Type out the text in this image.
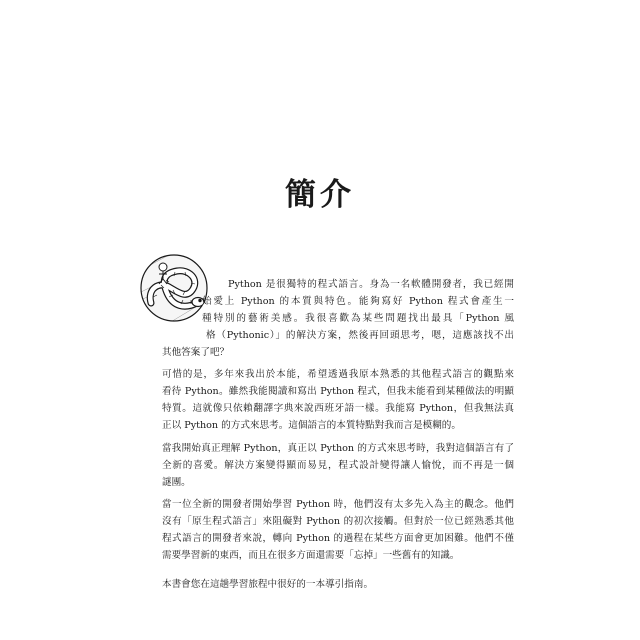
簡介
Python 是很獨特的程式語言。身為一名軟體開發者，我已經開
始愛上 Python 的本質與特色。能夠寫好 Python 程式會產生一
種特別的藝術美感。我很喜歡為某些問題找出最具「Python 風
格（Pythonic）」的解決方案，然後再回頭思考，嗯，這應該找不出
其他答案了吧？
可惜的是，多年來我出於本能，希望透過我原本熟悉的其他程式語言的觀點來
看待 Python。雖然我能閱讀和寫出 Python 程式，但我未能看到某種做法的明顯
特質。這就像只依賴翻譯字典來說西班牙語一樣。我能寫 Python，但我無法真
正以 Python 的方式來思考。這個語言的本質特點對我而言是模糊的。
當我開始真正理解 Python，真正以 Python 的方式來思考時，我對這個語言有了
全新的喜愛。解決方案變得顯而易見，程式設計變得讓人愉悅，而不再是一個
謎團。
當一位全新的開發者開始學習 Python 時，他們沒有太多先入為主的觀念。他們
沒有「原生程式語言」來阻礙對 Python 的初次接觸。但對於一位已經熟悉其他
程式語言的開發者來說，轉向 Python 的過程在某些方面會更加困難。他們不僅
需要學習新的東西，而且在很多方面還需要「忘掉」一些舊有的知識。
本書會您在這趟學習旅程中很好的一本導引指南。
